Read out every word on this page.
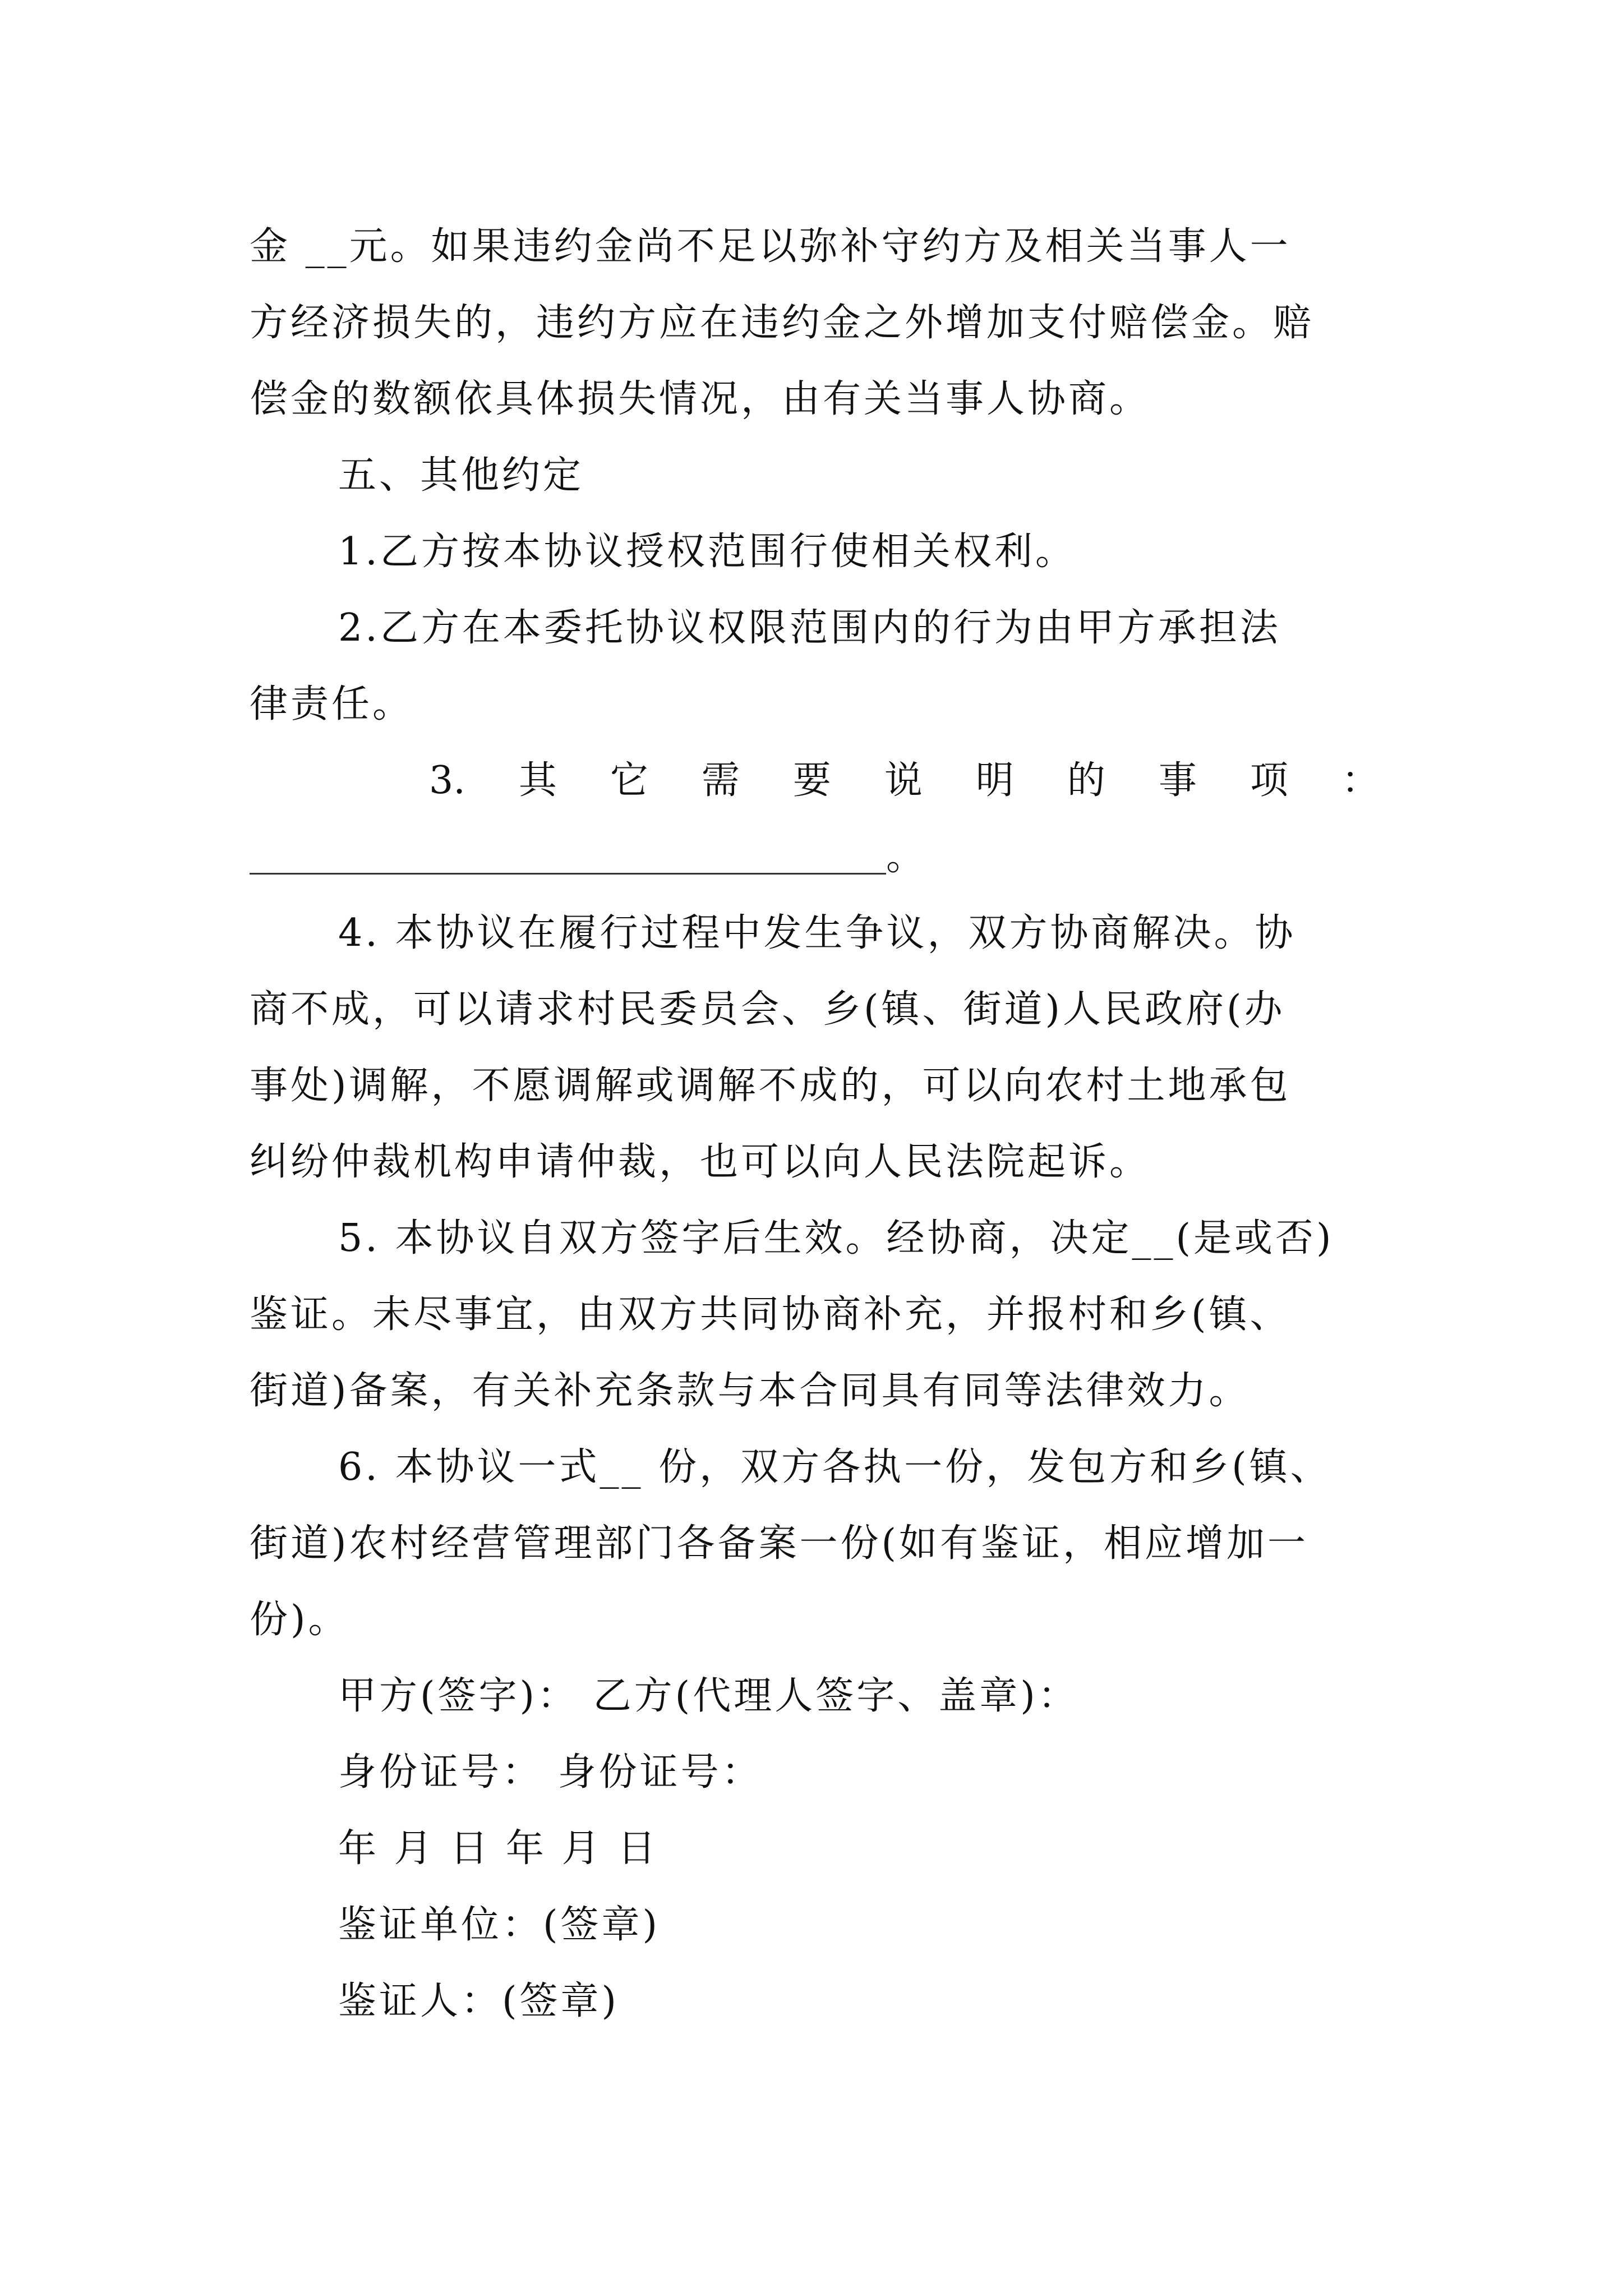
金 __元。如果违约金尚不足以弥补守约方及相关当事人一
方经济损失的，违约方应在违约金之外增加支付赔偿金。赔
偿金的数额依具体损失情况，由有关当事人协商。
五、其他约定
1.乙方按本协议授权范围行使相关权利。
2.乙方在本委托协议权限范围内的行为由甲方承担法
律责任。
3. 其 它 需 要 说 明 的 事 项 ：
。
4. 本协议在履行过程中发生争议，双方协商解决。协
商不成，可以请求村民委员会、乡(镇、街道)人民政府(办
事处)调解，不愿调解或调解不成的，可以向农村土地承包
纠纷仲裁机构申请仲裁，也可以向人民法院起诉。
5. 本协议自双方签字后生效。经协商，决定__(是或否)
鉴证。未尽事宜，由双方共同协商补充，并报村和乡(镇、
街道)备案，有关补充条款与本合同具有同等法律效力。
6. 本协议一式__ 份，双方各执一份，发包方和乡(镇、
街道)农村经营管理部门各备案一份(如有鉴证，相应增加一
份)。
甲方(签字)： 乙方(代理人签字、盖章)：
身份证号： 身份证号：
年 月 日 年 月 日
鉴证单位：(签章)
鉴证人：(签章)
